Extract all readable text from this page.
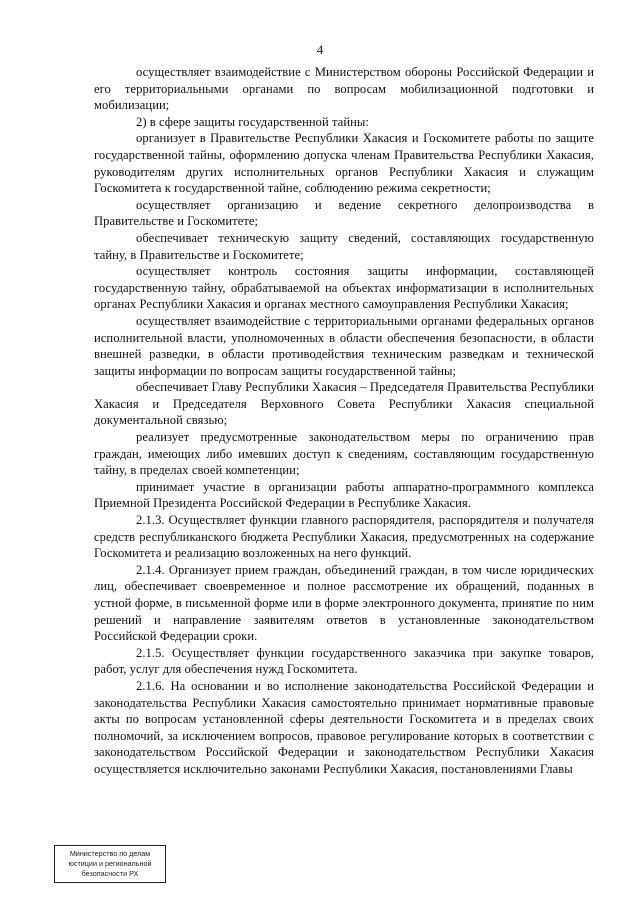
4

осуществляет взаимодействие с Министерством обороны Российской Федерации и его территориальными органами по вопросам мобилизационной подготовки и мобилизации;

2) в сфере защиты государственной тайны:

организует в Правительстве Республики Хакасия и Госкомитете работы по защите государственной тайны, оформлению допуска членам Правительства Республики Хакасия, руководителям других исполнительных органов Республики Хакасия и служащим Госкомитета к государственной тайне, соблюдению режима секретности;

осуществляет организацию и ведение секретного делопроизводства в Правительстве и Госкомитете;

обеспечивает техническую защиту сведений, составляющих государственную тайну, в Правительстве и Госкомитете;

осуществляет контроль состояния защиты информации, составляющей государственную тайну, обрабатываемой на объектах информатизации в исполнительных органах Республики Хакасия и органах местного самоуправления Республики Хакасия;

осуществляет взаимодействие с территориальными органами федеральных органов исполнительной власти, уполномоченных в области обеспечения безопасности, в области внешней разведки, в области противодействия техническим разведкам и технической защиты информации по вопросам защиты государственной тайны;

обеспечивает Главу Республики Хакасия – Председателя Правительства Республики Хакасия и Председателя Верховного Совета Республики Хакасия специальной документальной связью;

реализует предусмотренные законодательством меры по ограничению прав граждан, имеющих либо имевших доступ к сведениям, составляющим государственную тайну, в пределах своей компетенции;

принимает участие в организации работы аппаратно-программного комплекса Приемной Президента Российской Федерации в Республике Хакасия.

2.1.3. Осуществляет функции главного распорядителя, распорядителя и получателя средств республиканского бюджета Республики Хакасия, предусмотренных на содержание Госкомитета и реализацию возложенных на него функций.

2.1.4. Организует прием граждан, объединений граждан, в том числе юридических лиц, обеспечивает своевременное и полное рассмотрение их обращений, поданных в устной форме, в письменной форме или в форме электронного документа, принятие по ним решений и направление заявителям ответов в установленные законодательством Российской Федерации сроки.

2.1.5. Осуществляет функции государственного заказчика при закупке товаров, работ, услуг для обеспечения нужд Госкомитета.

2.1.6. На основании и во исполнение законодательства Российской Федерации и законодательства Республики Хакасия самостоятельно принимает нормативные правовые акты по вопросам установленной сферы деятельности Госкомитета и в пределах своих полномочий, за исключением вопросов, правовое регулирование которых в соответствии с законодательством Российской Федерации и законодательством Республики Хакасия осуществляется исключительно законами Республики Хакасия, постановлениями Главы

Министерство по делам
юстиции и региональной
безопасности РХ
